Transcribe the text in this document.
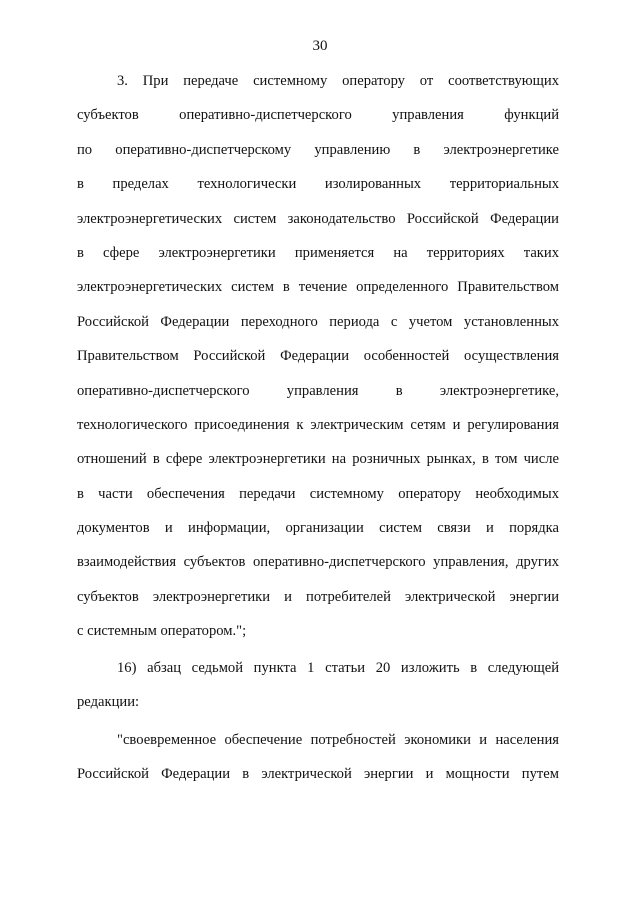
30
3. При передаче системному оператору от соответствующих
субъектов оперативно-диспетчерского управления функций
по оперативно-диспетчерскому управлению в электроэнергетике
в пределах технологически изолированных территориальных
электроэнергетических систем законодательство Российской Федерации
в сфере электроэнергетики применяется на территориях таких
электроэнергетических систем в течение определенного Правительством
Российской Федерации переходного периода с учетом установленных
Правительством Российской Федерации особенностей осуществления
оперативно-диспетчерского управления в электроэнергетике,
технологического присоединения к электрическим сетям и регулирования
отношений в сфере электроэнергетики на розничных рынках, в том числе
в части обеспечения передачи системному оператору необходимых
документов и информации, организации систем связи и порядка
взаимодействия субъектов оперативно-диспетчерского управления, других
субъектов электроэнергетики и потребителей электрической энергии
с системным оператором.";
16) абзац седьмой пункта 1 статьи 20 изложить в следующей
редакции:
"своевременное обеспечение потребностей экономики и населения
Российской Федерации в электрической энергии и мощности путем
